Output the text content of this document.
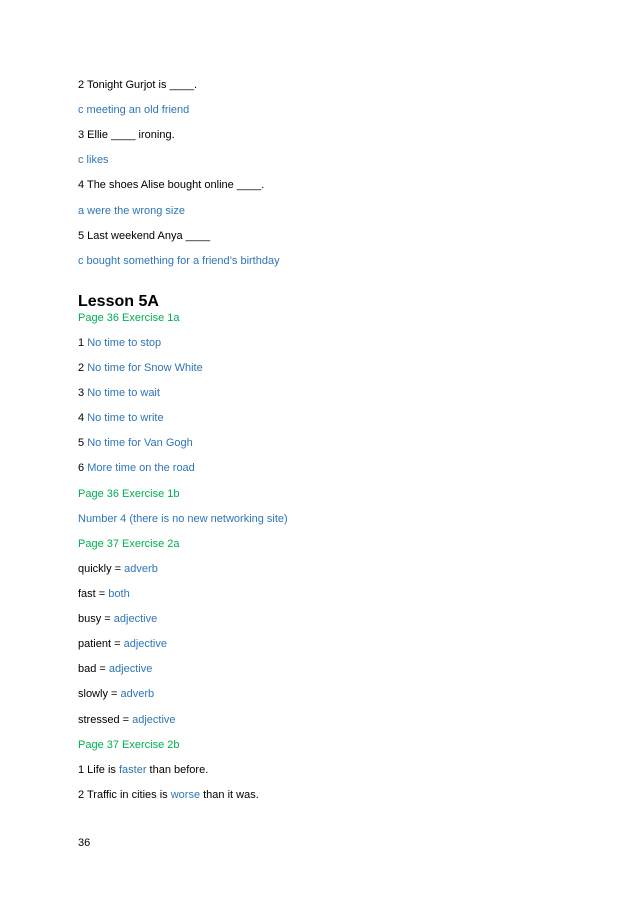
2 Tonight Gurjot is ____.
c meeting an old friend
3 Ellie ____ ironing.
c likes
4 The shoes Alise bought online ____.
a were the wrong size
5 Last weekend Anya ____
c bought something for a friend’s birthday
Lesson 5A
Page 36 Exercise 1a
1 No time to stop
2 No time for Snow White
3 No time to wait
4 No time to write
5 No time for Van Gogh
6 More time on the road
Page 36 Exercise 1b
Number 4 (there is no new networking site)
Page 37 Exercise 2a
quickly = adverb
fast = both
busy = adjective
patient = adjective
bad = adjective
slowly = adverb
stressed = adjective
Page 37 Exercise 2b
1 Life is faster than before.
2 Traffic in cities is worse than it was.
36
